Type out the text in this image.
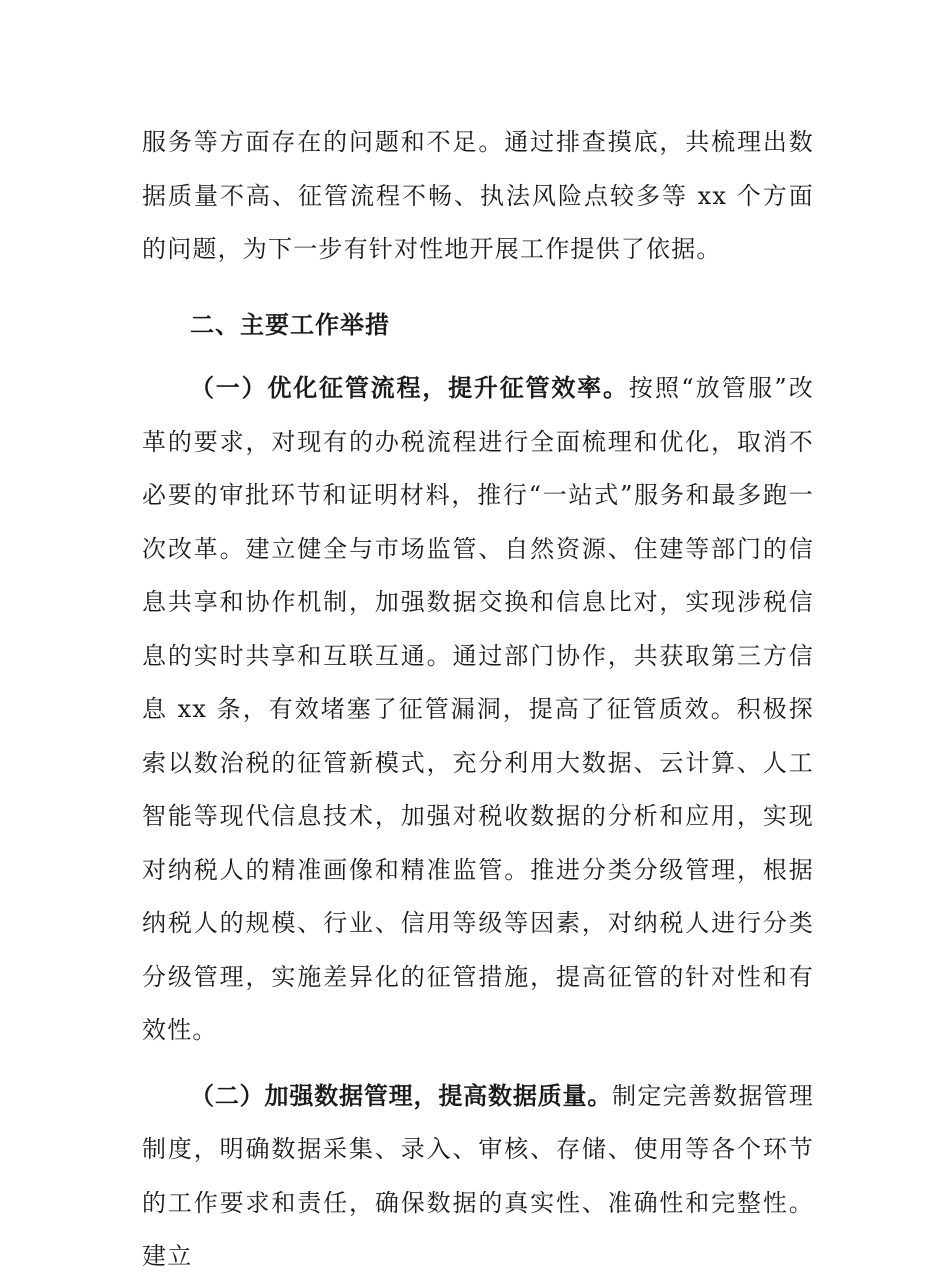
服务等方面存在的问题和不足。通过排查摸底，共梳理出数据质量不高、征管流程不畅、执法风险点较多等 xx 个方面的问题，为下一步有针对性地开展工作提供了依据。

二、主要工作举措

（一）优化征管流程，提升征管效率。按照“放管服”改革的要求，对现有的办税流程进行全面梳理和优化，取消不必要的审批环节和证明材料，推行“一站式”服务和最多跑一次改革。建立健全与市场监管、自然资源、住建等部门的信息共享和协作机制，加强数据交换和信息比对，实现涉税信息的实时共享和互联互通。通过部门协作，共获取第三方信息 xx 条，有效堵塞了征管漏洞，提高了征管质效。积极探索以数治税的征管新模式，充分利用大数据、云计算、人工智能等现代信息技术，加强对税收数据的分析和应用，实现对纳税人的精准画像和精准监管。推进分类分级管理，根据纳税人的规模、行业、信用等级等因素，对纳税人进行分类分级管理，实施差异化的征管措施，提高征管的针对性和有效性。

（二）加强数据管理，提高数据质量。制定完善数据管理制度，明确数据采集、录入、审核、存储、使用等各个环节的工作要求和责任，确保数据的真实性、准确性和完整性。建立
